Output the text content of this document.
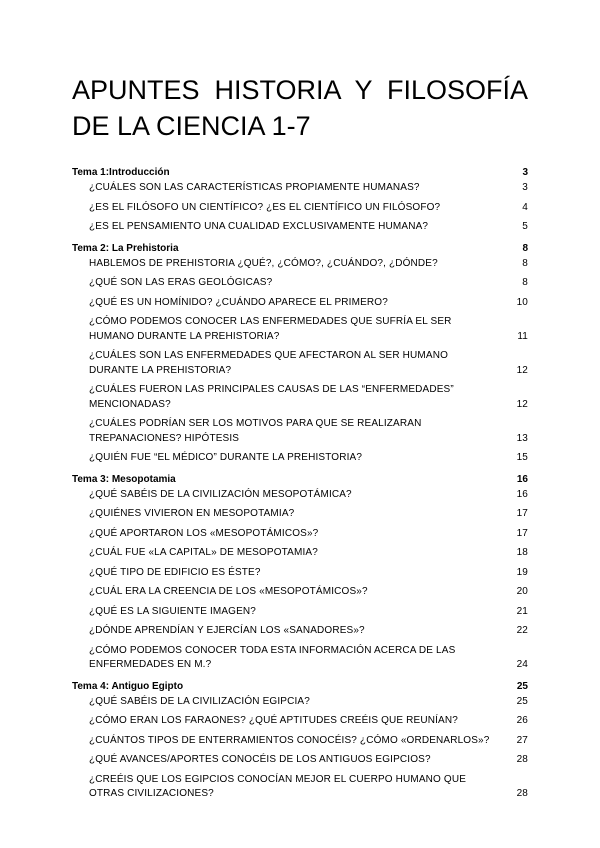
APUNTES HISTORIA Y FILOSOFÍA DE LA CIENCIA 1-7
Tema 1:Introducción	3
¿CUÁLES SON LAS CARACTERÍSTICAS PROPIAMENTE HUMANAS?	3
¿ES EL FILÓSOFO UN CIENTÍFICO? ¿ES EL CIENTÍFICO UN FILÓSOFO?	4
¿ES EL PENSAMIENTO UNA CUALIDAD EXCLUSIVAMENTE HUMANA?	5
Tema 2: La Prehistoria	8
HABLEMOS DE PREHISTORIA ¿QUÉ?, ¿CÓMO?, ¿CUÁNDO?, ¿DÓNDE?	8
¿QUÉ SON LAS ERAS GEOLÓGICAS?	8
¿QUÉ ES UN HOMÍNIDO? ¿CUÁNDO APARECE EL PRIMERO?	10
¿CÓMO PODEMOS CONOCER LAS ENFERMEDADES QUE SUFRÍA EL SER HUMANO DURANTE LA PREHISTORIA?	11
¿CUÁLES SON LAS ENFERMEDADES QUE AFECTARON AL SER HUMANO DURANTE LA PREHISTORIA?	12
¿CUÁLES FUERON LAS PRINCIPALES CAUSAS DE LAS “ENFERMEDADES” MENCIONADAS?	12
¿CUÁLES PODRÍAN SER LOS MOTIVOS PARA QUE SE REALIZARAN TREPANACIONES? HIPÓTESIS	13
¿QUIÉN FUE “EL MÉDICO” DURANTE LA PREHISTORIA?	15
Tema 3: Mesopotamia	16
¿QUÉ SABÉIS DE LA CIVILIZACIÓN MESOPOTÁMICA?	16
¿QUIÉNES VIVIERON EN MESOPOTAMIA?	17
¿QUÉ APORTARON LOS «MESOPOTÁMICOS»?	17
¿CUÁL FUE «LA CAPITAL» DE MESOPOTAMIA?	18
¿QUÉ TIPO DE EDIFICIO ES ÉSTE?	19
¿CUÁL ERA LA CREENCIA DE LOS «MESOPOTÁMICOS»?	20
¿QUÉ ES LA SIGUIENTE IMAGEN?	21
¿DÓNDE APRENDÍAN Y EJERCÍAN LOS «SANADORES»?	22
¿CÓMO PODEMOS CONOCER TODA ESTA INFORMACIÓN ACERCA DE LAS ENFERMEDADES EN M.?	24
Tema 4: Antiguo Egipto	25
¿QUÉ SABÉIS DE LA CIVILIZACIÓN EGIPCIA?	25
¿CÓMO ERAN LOS FARAONES? ¿QUÉ APTITUDES CREÉIS QUE REUNÍAN?	26
¿CUÁNTOS TIPOS DE ENTERRAMIENTOS CONOCÉIS? ¿CÓMO «ORDENARLOS»?	27
¿QUÉ AVANCES/APORTES CONOCÉIS DE LOS ANTIGUOS EGIPCIOS?	28
¿CREÉIS QUE LOS EGIPCIOS CONOCÍAN MEJOR EL CUERPO HUMANO QUE OTRAS CIVILIZACIONES?	28
